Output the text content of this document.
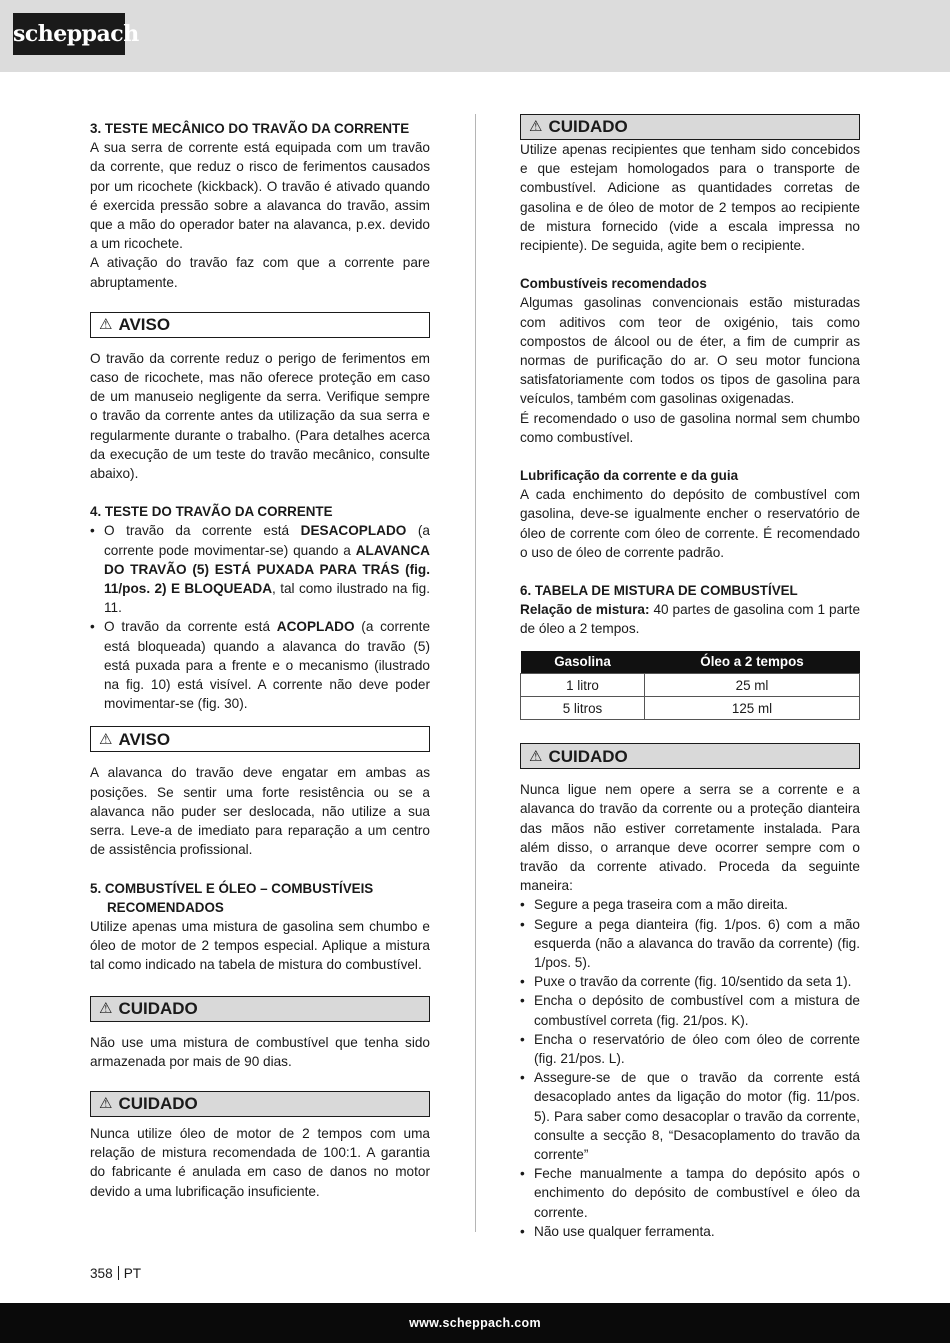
scheppach
3. TESTE MECÂNICO DO TRAVÃO DA CORRENTE

A sua serra de corrente está equipada com um travão da corrente, que reduz o risco de ferimentos causados por um ricochete (kickback). O travão é ativado quando é exercida pressão sobre a alavanca do travão, assim que a mão do operador bater na alavanca, p.ex. devido a um ricochete.

A ativação do travão faz com que a corrente pare abruptamente.

⚠ AVISO

O travão da corrente reduz o perigo de ferimentos em caso de ricochete, mas não oferece proteção em caso de um manuseio negligente da serra. Verifique sempre o travão da corrente antes da utilização da sua serra e regularmente durante o trabalho. (Para detalhes acerca da execução de um teste do travão mecânico, consulte abaixo).

4. TESTE DO TRAVÃO DA CORRENTE
• O travão da corrente está DESACOPLADO (a corrente pode movimentar-se) quando a ALAVANCA DO TRAVÃO (5) ESTÁ PUXADA PARA TRÁS (fig. 11/pos. 2) E BLOQUEADA, tal como ilustrado na fig. 11.
• O travão da corrente está ACOPLADO (a corrente está bloqueada) quando a alavanca do travão (5) está puxada para a frente e o mecanismo (ilustrado na fig. 10) está visível. A corrente não deve poder movimentar-se (fig. 30).
⚠ AVISO

A alavanca do travão deve engatar em ambas as posições. Se sentir uma forte resistência ou se a alavanca não puder ser deslocada, não utilize a sua serra. Leve-a de imediato para reparação a um centro de assistência profissional.

5. COMBUSTÍVEL E ÓLEO – COMBUSTÍVEIS
RECOMENDADOS

Utilize apenas uma mistura de gasolina sem chumbo e óleo de motor de 2 tempos especial. Aplique a mistura tal como indicado na tabela de mistura do combustível.

⚠ CUIDADO

Não use uma mistura de combustível que tenha sido armazenada por mais de 90 dias.

⚠ CUIDADO

Nunca utilize óleo de motor de 2 tempos com uma relação de mistura recomendada de 100:1. A garantia do fabricante é anulada em caso de danos no motor devido a uma lubrificação insuficiente.

⚠ CUIDADO

Utilize apenas recipientes que tenham sido concebidos e que estejam homologados para o transporte de combustível. Adicione as quantidades corretas de gasolina e de óleo de motor de 2 tempos ao recipiente de mistura fornecido (vide a escala impressa no recipiente). De seguida, agite bem o recipiente.

Combustíveis recomendados

Algumas gasolinas convencionais estão misturadas com aditivos com teor de oxigénio, tais como compostos de álcool ou de éter, a fim de cumprir as normas de purificação do ar. O seu motor funciona satisfatoriamente com todos os tipos de gasolina para veículos, também com gasolinas oxigenadas.

É recomendado o uso de gasolina normal sem chumbo como combustível.

Lubrificação da corrente e da guia

A cada enchimento do depósito de combustível com gasolina, deve-se igualmente encher o reservatório de óleo de corrente com óleo de corrente. É recomendado o uso de óleo de corrente padrão.

6. TABELA DE MISTURA DE COMBUSTÍVEL

Relação de mistura: 40 partes de gasolina com 1 parte de óleo a 2 tempos.

Gasolina	Óleo a 2 tempos
1 litro	25 ml
5 litros	125 ml
⚠ CUIDADO

Nunca ligue nem opere a serra se a corrente e a alavanca do travão da corrente ou a proteção dianteira das mãos não estiver corretamente instalada. Para além disso, o arranque deve ocorrer sempre com o travão da corrente ativado. Proceda da seguinte maneira:

• Segure a pega traseira com a mão direita.
• Segure a pega dianteira (fig. 1/pos. 6) com a mão esquerda (não a alavanca do travão da corrente) (fig. 1/pos. 5).
• Puxe o travão da corrente (fig. 10/sentido da seta 1).
• Encha o depósito de combustível com a mistura de combustível correta (fig. 21/pos. K).
• Encha o reservatório de óleo com óleo de corrente (fig. 21/pos. L).
• Assegure-se de que o travão da corrente está desacoplado antes da ligação do motor (fig. 11/pos. 5). Para saber como desacoplar o travão da corrente, consulte a secção 8, “Desacoplamento do travão da corrente”
• Feche manualmente a tampa do depósito após o enchimento do depósito de combustível e óleo da corrente.
• Não use qualquer ferramenta.
358 PT
www.scheppach.com
